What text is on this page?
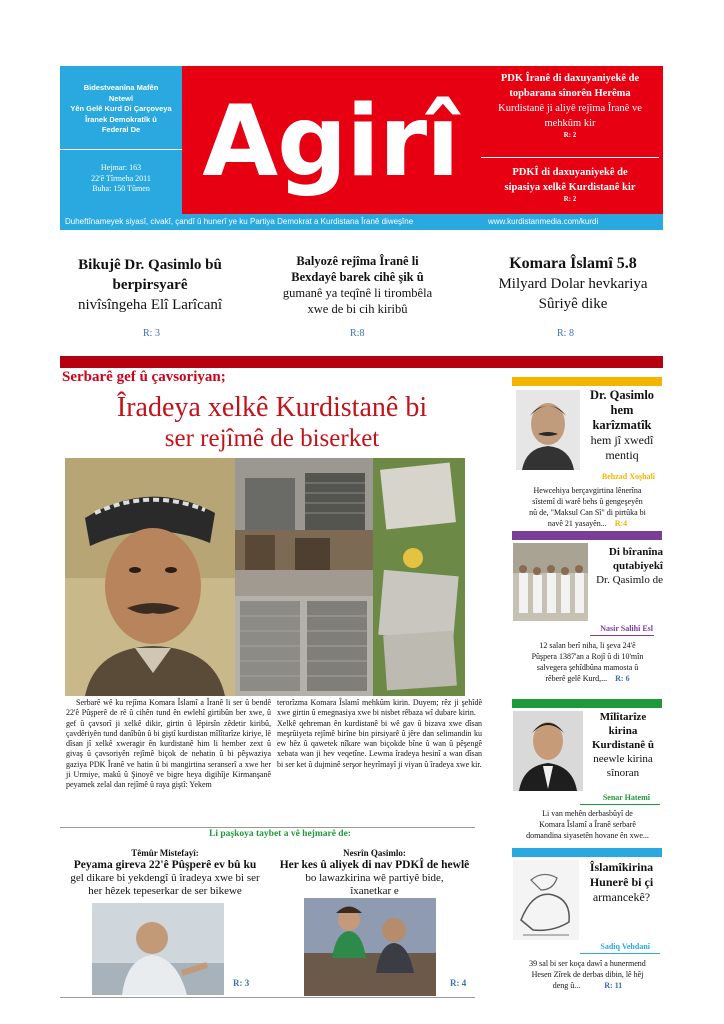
Bidestveanîna Mafên
Netewî
Yên Gelê Kurd Di Çarçoveya
Îranek Demokratîk û
Federal De
Hejmar: 163
22'ê Tîrmeha 2011
Buha: 150 Tûmen Agirî
PDK Îranê di daxuyaniyekê de
topbarana sînorên Herêma
Kurdistanê ji aliyê rejîma Îranê ve
mehkûm kir
R: 2
PDKÎ di daxuyaniyekê de
sipasiya xelkê Kurdistanê kir
R: 2
Duheftînameyek siyasî, civakî, çandî û hunerî ye ku Partiya Demokrat a Kurdistana Îranê diweşîne	www.kurdistanmedia.com/kurdi
Bikujê Dr. Qasimlo bû
berpirsyarê
nivîsîngeha Elî Larîcanî
R: 3
Balyozê rejîma Îranê li
Bexdayê barek cihê şik û
gumanê ya teqînê li tirombêla
xwe de bi cih kiribû
R:8
Komara Îslamî 5.8
Milyard Dolar hevkariya
Sûriyê dike
R: 8
Serbarê gef û çavsoriyan;
Îradeya xelkê Kurdistanê bi
ser rejîmê de biserket
Serbarê wê ku rejîma Komara Îslamî a Îranê li ser û bendê 22'ê Pûşperê de rê û cihên tund ên ewlehî girtibûn ber xwe, û gef û çavsorî ji xelkê dikir, girtin û lêpirsîn zêdetir kiribû, çavdêriyên tund danîbûn û bi giştî kurdistan mîlîtarîze kiriye, lê dîsan jî xelkê xweragir ên kurdistanê him li hember zext û givaş û çavsoriyên rejîmê biçok de nehatin û bi pêşwaziya gaziya PDK Îranê ve hatin û bi mangirtina seranserî a xwe her ji Urmiye, makû û Şinoyê ve bigre heya digihîje Kirmanşanê peyamek zelal dan rejîmê û raya giştî: Yekem
terorîzma Komara Îslamî mehkûm kirin. Duyem; rêz ji şehîdê xwe girtin û emegnasiya xwe bi nisbet rêbaza wî dubare kirin.
Xelkê qehreman ên kurdistanê bi wê gav û bizava xwe dîsan meşrûiyeta rejîmê birîne bin pirsiyarê û jêre dan selimandin ku ew hêz û qawetek nîkare wan biçokde bîne û wan û pêşengê xebata wan ji hev veqetîne. Lewma îradeya hesinî a wan dîsan bi ser ket û dujminê serşor heyrîmayî ji viyan û îradeya xwe kir.
Li paşkoya taybet a vê hejmarê de:
Têmûr Mistefayî:
Peyama gireva 22'ê Pûşperê ev bû ku
gel dikare bi yekdengî û îradeya xwe bi ser
her hêzek tepeserkar de ser bikewe
R: 3
Nesrîn Qasimlo:
Her kes û aliyek di nav PDKÎ de hewlê
bo lawazkirina wê partiyê bide,
îxanetkar e
R: 4
Dr. Qasimlo
hem
karîzmatîk
hem jî xwedî
mentiq
Behzad Xoşhalî
Hewcehiya berçavgirtina lênerîna
sîstemî di warê behs û gengeşeyên
nû de, "Maksul Can Sî" di pirtûka bi
navê 21 yasayên... R:4
Di bîranîna
qutabiyekî
Dr. Qasimlo de
Nasir Salihî Esl
12 salan berî niha, li şeva 24'ê
Pûşpera 1387'an a Rojî û di 10'mîn
salvegera şehîdbûna mamosta û
rêberê gelê Kurd,... R: 6
Mîlîtarîze
kirina
Kurdistanê û
neewle kirina
sînoran
Senar Hatemî
Li van mehên derbasbûyî de
Komara Îslamî a Îranê serbarê
domandina siyasetên hovane ên xwe...
Îslamîkirina
Hunerê bi çi
armancekê?
Sadiq Vehdanî
39 sal bi ser koça dawî a hunermend
Hesen Zîrek de derbas dibin, lê hêj
deng û...	R: 11
